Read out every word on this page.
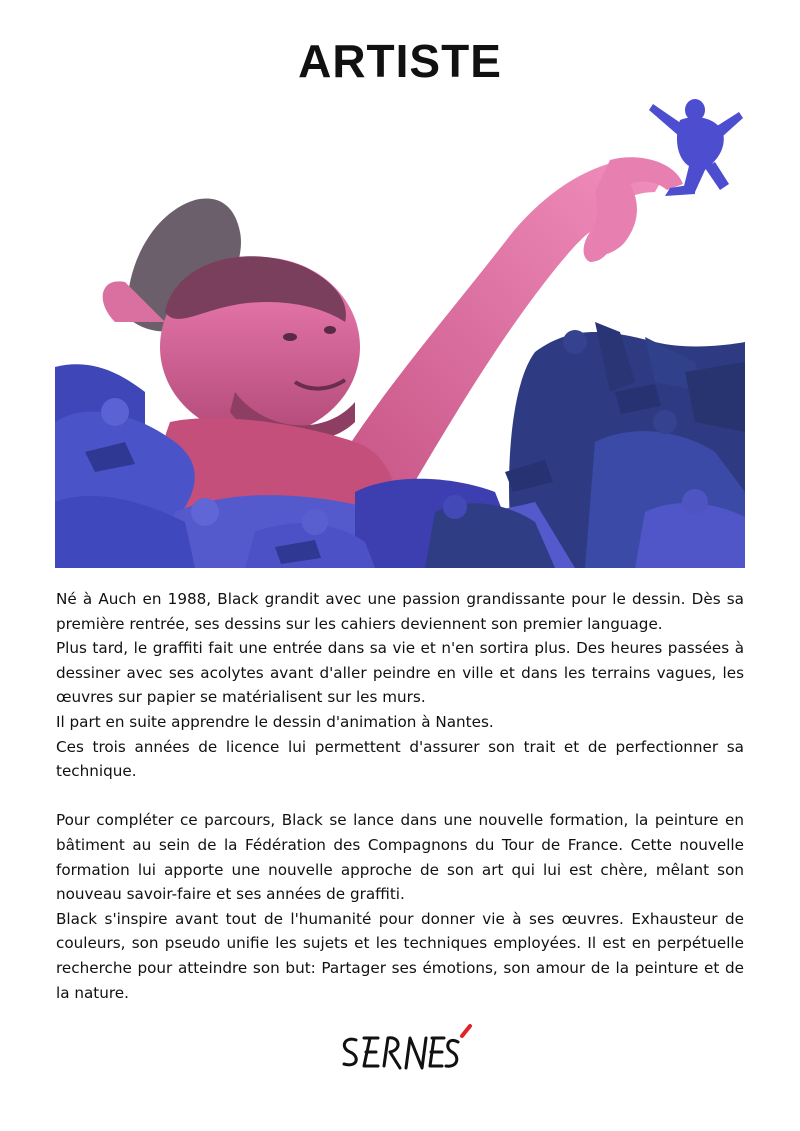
ARTISTE

Né à Auch en 1988, Black grandit avec une passion grandissante pour le dessin. Dès sa première rentrée, ses dessins sur les cahiers deviennent son premier language.

Plus tard, le graffiti fait une entrée dans sa vie et n'en sortira plus. Des heures passées à dessiner avec ses acolytes avant d'aller peindre en ville et dans les terrains vagues, les œuvres sur papier se matérialisent sur les murs.

Il part en suite apprendre le dessin d'animation à Nantes.

Ces trois années de licence lui permettent d'assurer son trait et de perfectionner sa technique.

Pour compléter ce parcours, Black se lance dans une nouvelle formation, la peinture en bâtiment au sein de la Fédération des Compagnons du Tour de France. Cette nouvelle formation lui apporte une nouvelle approche de son art qui lui est chère, mêlant son nouveau savoir-faire et ses années de graffiti.

Black s'inspire avant tout de l'humanité pour donner vie à ses œuvres. Exhausteur de couleurs, son pseudo unifie les sujets et les techniques employées. Il est en perpétuelle recherche pour atteindre son but: Partager ses émotions, son amour de la peinture et de la nature.
